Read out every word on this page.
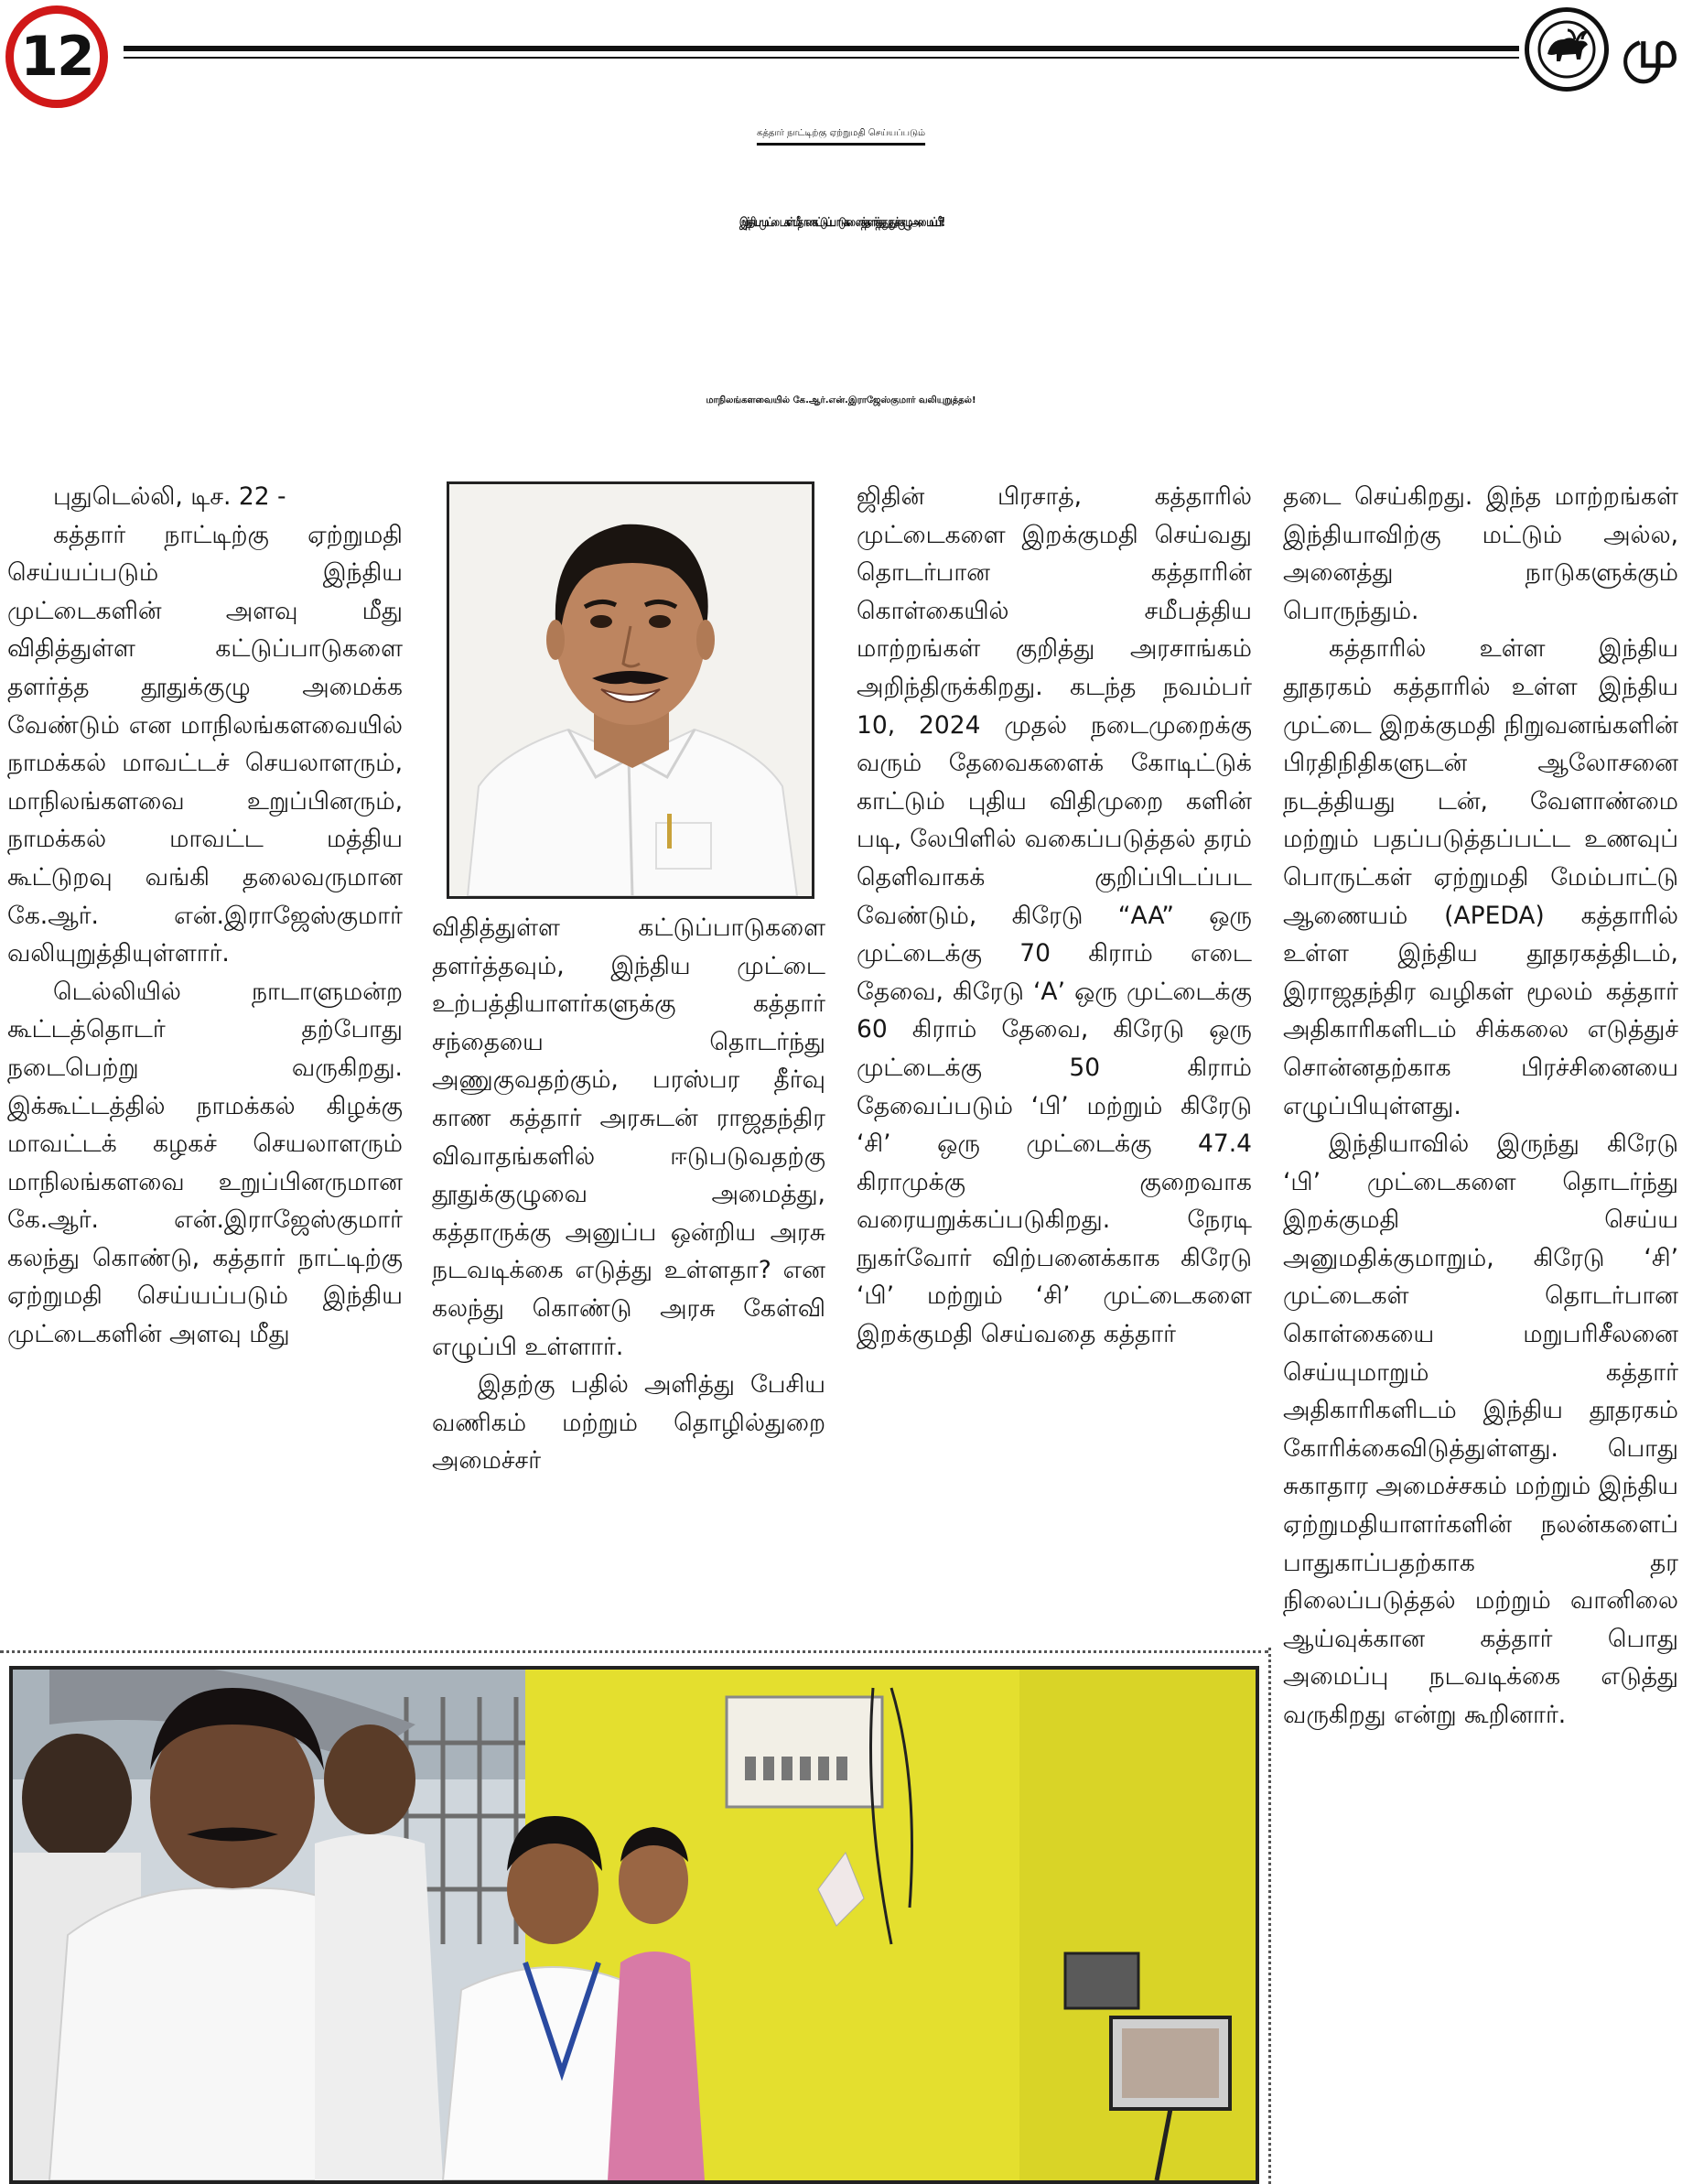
12	மு
கத்தார் நாட்டிற்கு ஏற்றுமதி செய்யப்படும்
இந்திய முட்டைகள் மீதான கட்டுப்பாடுகளைத் தளர்த்த தூதுக்குழு அமைப்பீர்!
மாநிலங்களவையில் கே.ஆர்.என்.இராஜேஸ்குமார் வலியுறுத்தல்!

புதுடெல்லி, டிச. 22 -

கத்தார் நாட்டிற்கு ஏற்றுமதி செய்யப்படும் இந்திய முட்டைகளின் அளவு மீது விதித்துள்ள கட்டுப்பாடுகளை தளர்த்த தூதுக்குழு அமைக்க வேண்டும் என மாநிலங்களவையில் நாமக்கல் மாவட்டச் செயலாளரும், மாநிலங்களவை உறுப்பினரும், நாமக்கல் மாவட்ட மத்திய கூட்டுறவு வங்கி தலைவருமான கே.ஆர். என்.இராஜேஸ்குமார் வலியுறுத்தியுள்ளார்.

டெல்லியில் நாடாளுமன்ற கூட்டத்தொடர் தற்போது நடைபெற்று வருகிறது. இக்கூட்டத்தில் நாமக்கல் கிழக்கு மாவட்டக் கழகச் செயலாளரும் மாநிலங்களவை உறுப்பினருமான கே.ஆர். என்.இராஜேஸ்குமார் கலந்து கொண்டு, கத்தார் நாட்டிற்கு ஏற்றுமதி செய்யப்படும் இந்திய முட்டைகளின் அளவு மீது

விதித்துள்ள கட்டுப்பாடுகளை தளர்த்தவும், இந்திய முட்டை உற்பத்தியாளர்களுக்கு கத்தார் சந்தையை தொடர்ந்து அணுகுவதற்கும், பரஸ்பர தீர்வு காண கத்தார் அரசுடன் ராஜதந்திர விவாதங்களில் ஈடுபடுவதற்கு தூதுக்குழுவை அமைத்து, கத்தாருக்கு அனுப்ப ஒன்றிய அரசு நடவடிக்கை எடுத்து உள்ளதா? என கலந்து கொண்டு அரசு கேள்வி எழுப்பி உள்ளார்.

இதற்கு பதில் அளித்து பேசிய வணிகம் மற்றும் தொழில்துறை அமைச்சர்

ஜிதின் பிரசாத், கத்தாரில் முட்டைகளை இறக்குமதி செய்வது தொடர்பான கத்தாரின் கொள்கையில் சமீபத்திய மாற்றங்கள் குறித்து அரசாங்கம் அறிந்திருக்கிறது. கடந்த நவம்பர் 10, 2024 முதல் நடைமுறைக்கு வரும் தேவைகளைக் கோடிட்டுக் காட்டும் புதிய விதிமுறை களின் படி, லேபிளில் வகைப்படுத்தல் தரம் தெளிவாகக் குறிப்பிடப்பட வேண்டும், கிரேடு “AA” ஒரு முட்டைக்கு 70 கிராம் எடை தேவை, கிரேடு ‘A’ ஒரு முட்டைக்கு 60 கிராம் தேவை, கிரேடு ஒரு முட்டைக்கு 50 கிராம் தேவைப்படும் ‘பி’ மற்றும் கிரேடு ‘சி’ ஒரு முட்டைக்கு 47.4 கிராமுக்கு குறைவாக வரையறுக்கப்படுகிறது. நேரடி நுகர்வோர் விற்பனைக்காக கிரேடு ‘பி’ மற்றும் ‘சி’ முட்டைகளை இறக்குமதி செய்வதை கத்தார்

தடை செய்கிறது. இந்த மாற்றங்கள் இந்தியாவிற்கு மட்டும் அல்ல, அனைத்து நாடுகளுக்கும் பொருந்தும்.

கத்தாரில் உள்ள இந்திய தூதரகம் கத்தாரில் உள்ள இந்திய முட்டை இறக்குமதி நிறுவனங்களின் பிரதிநிதிகளுடன் ஆலோசனை நடத்தியது டன், வேளாண்மை மற்றும் பதப்படுத்தப்பட்ட உணவுப் பொருட்கள் ஏற்றுமதி மேம்பாட்டு ஆணையம் (APEDA) கத்தாரில் உள்ள இந்திய தூதரகத்திடம், இராஜதந்திர வழிகள் மூலம் கத்தார் அதிகாரிகளிடம் சிக்கலை எடுத்துச் சொன்னதற்காக பிரச்சினையை எழுப்பியுள்ளது.

இந்தியாவில் இருந்து கிரேடு ‘பி’ முட்டைகளை தொடர்ந்து இறக்குமதி செய்ய அனுமதிக்குமாறும், கிரேடு ‘சி’ முட்டைகள் தொடர்பான கொள்கையை மறுபரிசீலனை செய்யுமாறும் கத்தார் அதிகாரிகளிடம் இந்திய தூதரகம் கோரிக்கைவிடுத்துள்ளது. பொது சுகாதார அமைச்சகம் மற்றும் இந்திய ஏற்றுமதியாளர்களின் நலன்களைப் பாதுகாப்பதற்காக தர நிலைப்படுத்தல் மற்றும் வானிலை ஆய்வுக்கான கத்தார் பொது அமைப்பு நடவடிக்கை எடுத்து வருகிறது என்று கூறினார்.
